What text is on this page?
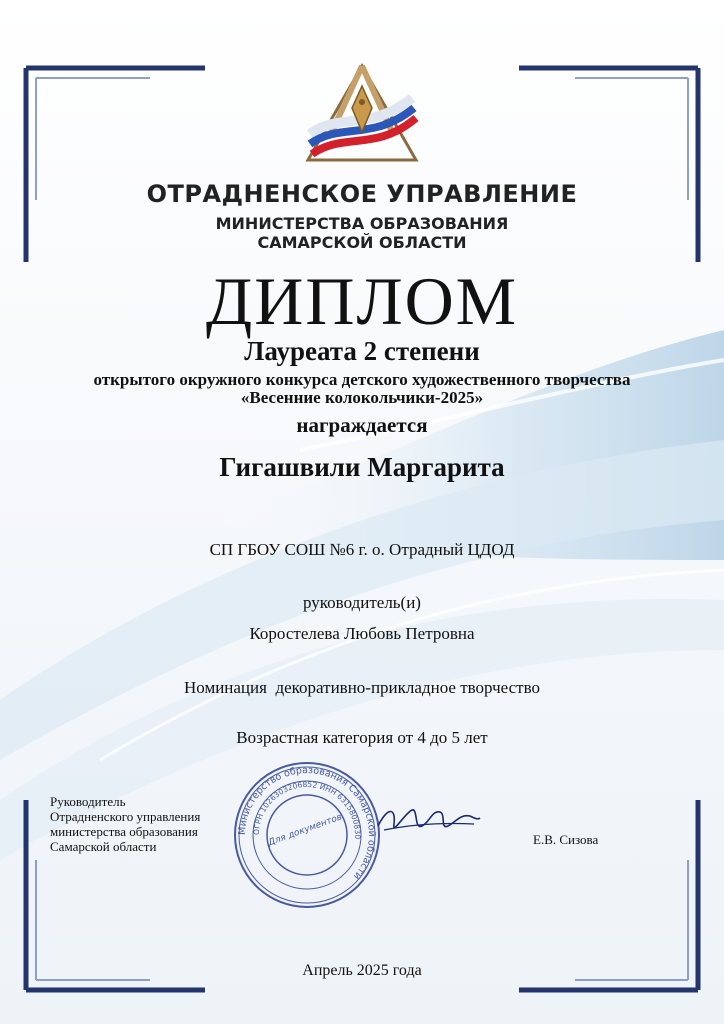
ОТРАДНЕНСКОЕ УПРАВЛЕНИЕ
МИНИСТЕРСТВА ОБРАЗОВАНИЯ
САМАРСКОЙ ОБЛАСТИ
ДИПЛОМ
Лауреата 2 степени
открытого окружного конкурса детского художественного творчества
«Весенние колокольчики-2025»
награждается
Гигашвили Маргарита
СП ГБОУ СОШ №6 г. о. Отрадный ЦДОД
руководитель(и)
Коростелева Любовь Петровна
Номинация  декоративно-прикладное творчество
Возрастная категория от 4 до 5 лет
Руководитель
Отрадненского управления
министерства образования
Самарской области
Министерство образования Самарской области
ОГРН 1026303206852 ИНН 6315800830
Для документов	Е.В. Сизова
Апрель 2025 года
